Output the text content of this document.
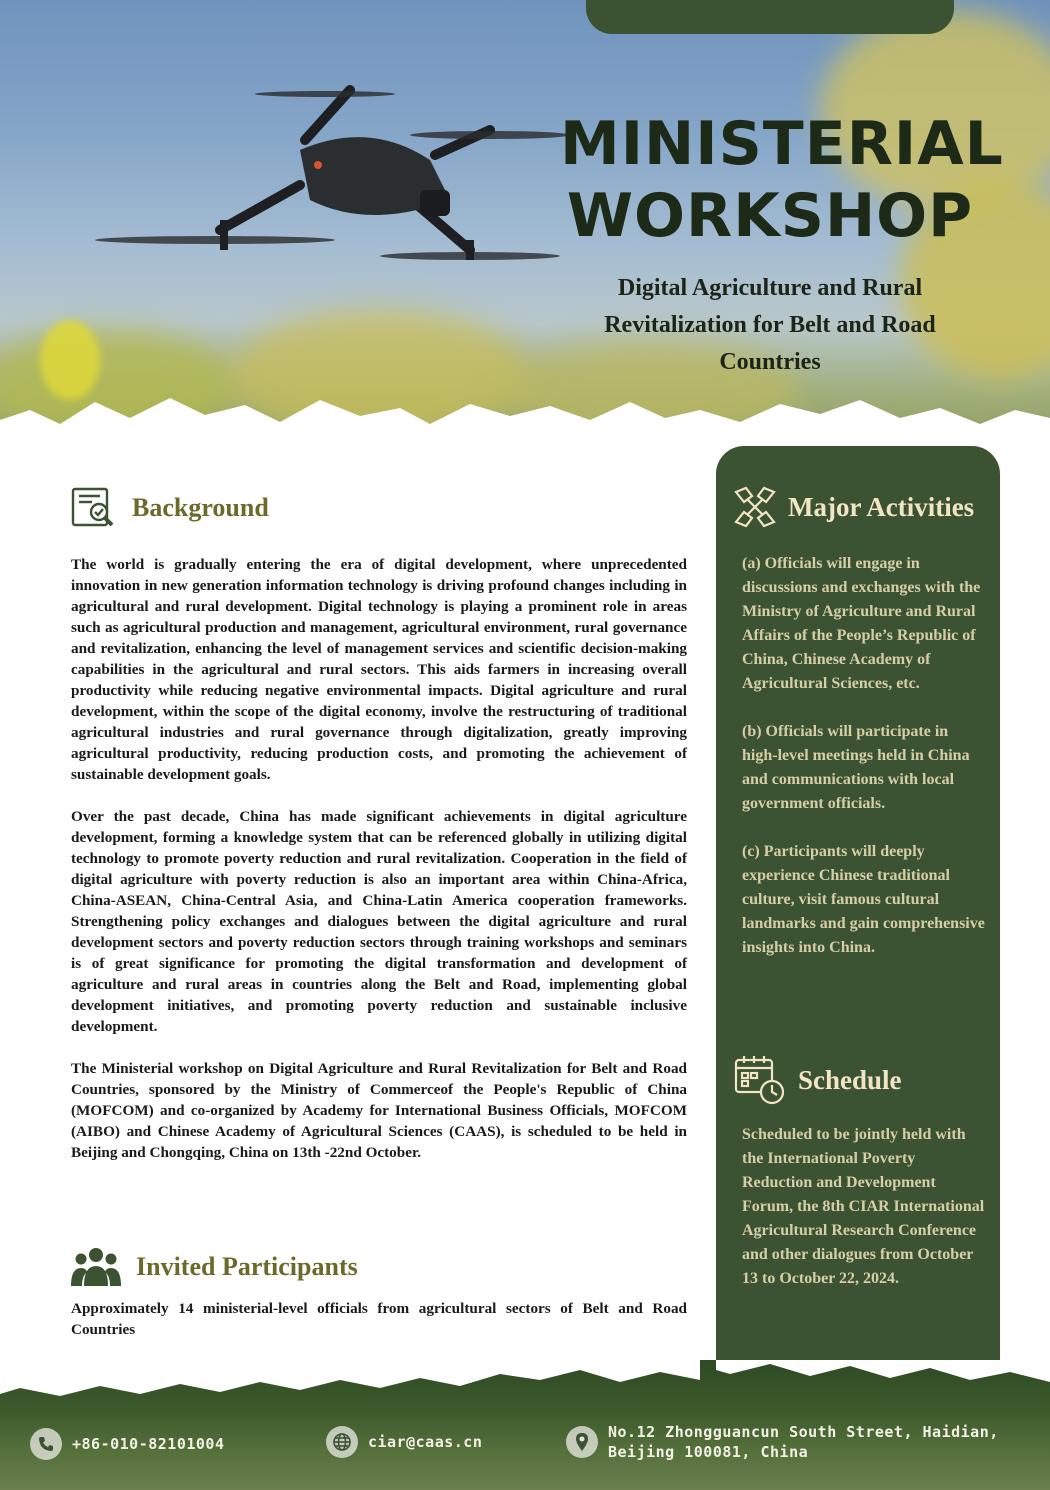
MINISTERIAL
WORKSHOP
Digital Agriculture and Rural Revitalization for Belt and Road Countries
Major Activities

(a) Officials will engage in discussions and exchanges with the Ministry of Agriculture and Rural Affairs of the People’s Republic of China, Chinese Academy of Agricultural Sciences, etc.

(b) Officials will participate in high-level meetings held in China and communications with local government officials.

(c) Participants will deeply experience Chinese traditional culture, visit famous cultural landmarks and gain comprehensive insights into China.

Schedule

Scheduled to be jointly held with the International Poverty Reduction and Development Forum, the 8th CIAR International Agricultural Research Conference and other dialogues from October 13 to October 22, 2024.

Background

The world is gradually entering the era of digital development, where unprecedented innovation in new generation information technology is driving profound changes including in agricultural and rural development. Digital technology is playing a prominent role in areas such as agricultural production and management, agricultural environment, rural governance and revitalization, enhancing the level of management services and scientific decision-making capabilities in the agricultural and rural sectors. This aids farmers in increasing overall productivity while reducing negative environmental impacts. Digital agriculture and rural development, within the scope of the digital economy, involve the restructuring of traditional agricultural industries and rural governance through digitalization, greatly improving agricultural productivity, reducing production costs, and promoting the achievement of sustainable development goals.

Over the past decade, China has made significant achievements in digital agriculture development, forming a knowledge system that can be referenced globally in utilizing digital technology to promote poverty reduction and rural revitalization. Cooperation in the field of digital agriculture with poverty reduction is also an important area within China-Africa, China-ASEAN, China-Central Asia, and China-Latin America cooperation frameworks. Strengthening policy exchanges and dialogues between the digital agriculture and rural development sectors and poverty reduction sectors through training workshops and seminars is of great significance for promoting the digital transformation and development of agriculture and rural areas in countries along the Belt and Road, implementing global development initiatives, and promoting poverty reduction and sustainable inclusive development.

The Ministerial workshop on Digital Agriculture and Rural Revitalization for Belt and Road Countries, sponsored by the Ministry of Commerceof the People's Republic of China (MOFCOM) and co-organized by Academy for International Business Officials, MOFCOM (AIBO) and Chinese Academy of Agricultural Sciences (CAAS), is scheduled to be held in Beijing and Chongqing, China on 13th -22nd October.

Invited Participants

Approximately 14 ministerial-level officials from agricultural sectors of Belt and Road Countries

+86-010-82101004	ciar@caas.cn
No.12 Zhongguancun South Street, Haidian,
Beijing 100081, China
